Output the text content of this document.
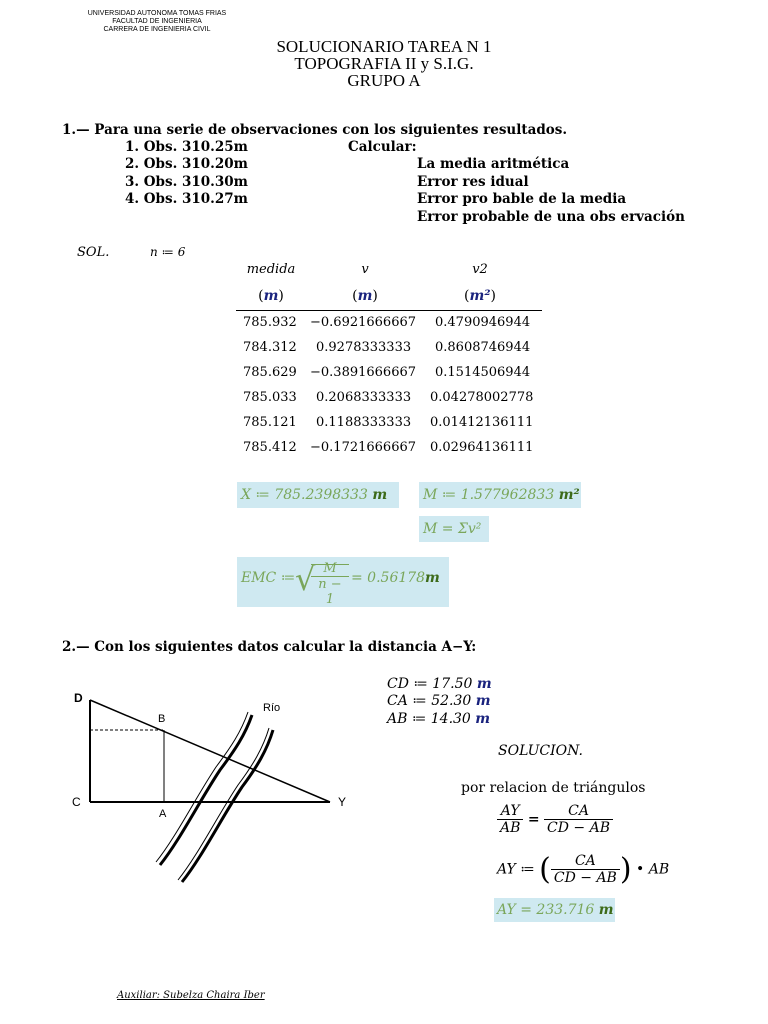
UNIVERSIDAD AUTONOMA TOMAS FRIAS
FACULTAD DE INGENIERIA
CARRERA DE INGENIERIA CIVIL
SOLUCIONARIO TAREA N 1
TOPOGRAFIA II y S.I.G.
GRUPO A
1.— Para una serie de observaciones con los siguientes resultados.
1. Obs. 310.25m
2. Obs. 310.20m
3. Obs. 310.30m
4. Obs. 310.27m
Calcular:
La media aritmética
Error res idual
Error pro bable de la media
Error probable de una obs ervación
SOL.	n ≔ 6
medida	v	v2
(m)	(m)	(m²)
785.932 −0.6921666667 0.4790946944
784.312 0.9278333333 0.8608746944
785.629 −0.3891666667 0.1514506944
785.033 0.2068333333 0.04278002778
785.121 0.1188333333 0.01412136111
785.412 −0.1721666667 0.02964136111
X ≔ 785.2398333 m	M ≔ 1.577962833 m²
M = Σv²
EMC ≔ √
$\frac{M}{n - 1} = 0.56178$ m
2.— Con los siguientes datos calcular la distancia A−Y:
D
B
C
A
Y
Río
CD ≔ 17.50 m
CA ≔ 52.30 m
AB ≔ 14.30 m
SOLUCION.
por relacion de triángulos
$\frac{AY}{AB} = \frac{CA}{CD - AB}$
AY ≔ ( $\frac{CA}{CD - AB}$ ) • AB
AY = 233.716 m
Auxiliar: Subelza Chaira Iber
